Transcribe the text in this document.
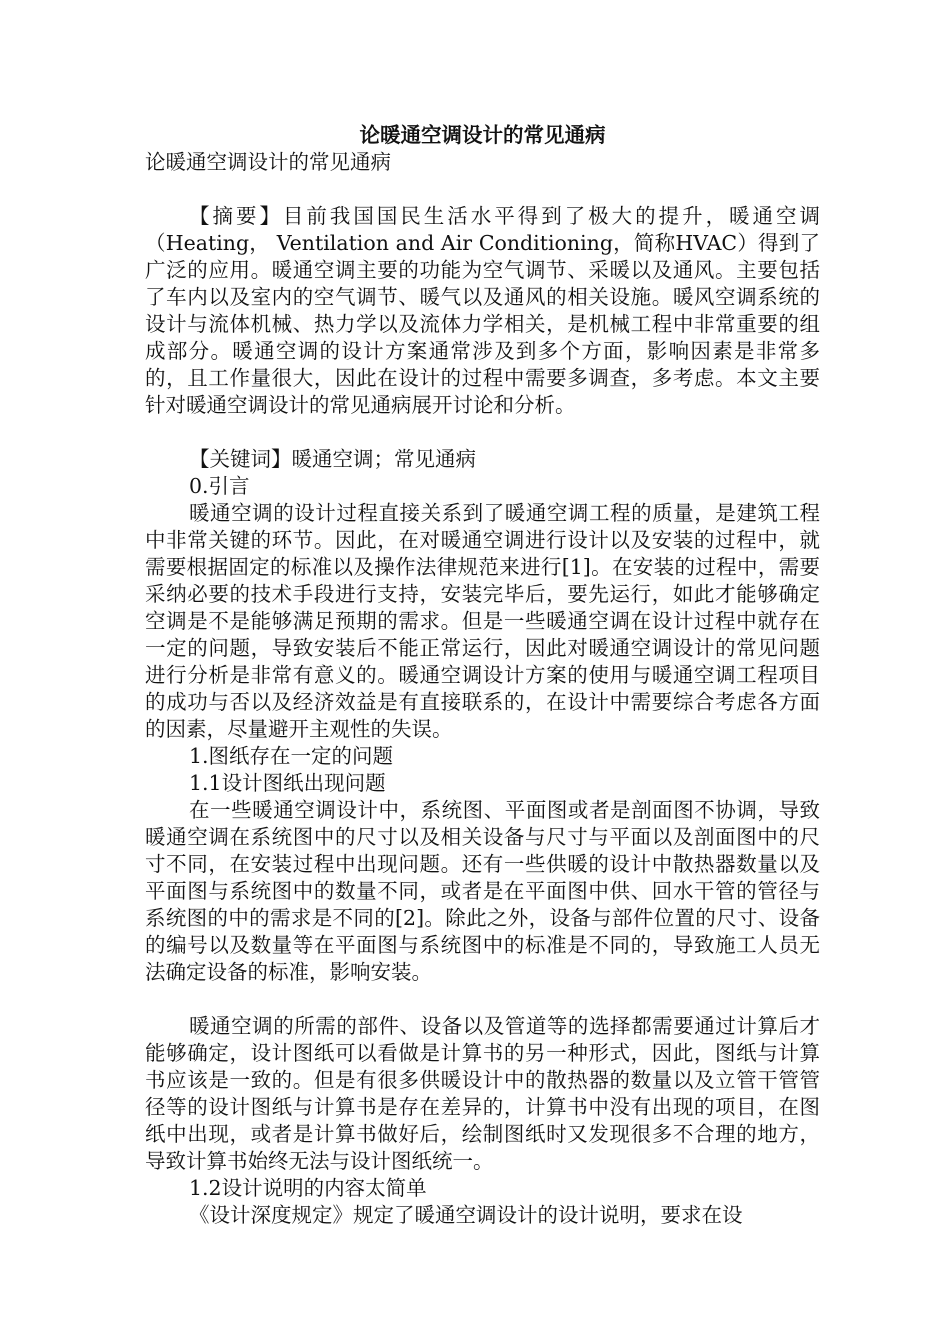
论暖通空调设计的常见通病

论暖通空调设计的常见通病

【摘要】目前我国国民生活水平得到了极大的提升，暖通空调（Heating， Ventilation and Air Conditioning，简称HVAC）得到了广泛的应用。暖通空调主要的功能为空气调节、采暖以及通风。主要包括了车内以及室内的空气调节、暖气以及通风的相关设施。暖风空调系统的设计与流体机械、热力学以及流体力学相关，是机械工程中非常重要的组成部分。暖通空调的设计方案通常涉及到多个方面，影响因素是非常多的，且工作量很大，因此在设计的过程中需要多调查，多考虑。本文主要针对暖通空调设计的常见通病展开讨论和分析。

【关键词】暖通空调；常见通病

0.引言

暖通空调的设计过程直接关系到了暖通空调工程的质量，是建筑工程中非常关键的环节。因此，在对暖通空调进行设计以及安装的过程中，就需要根据固定的标准以及操作法律规范来进行[1]。在安装的过程中，需要采纳必要的技术手段进行支持，安装完毕后，要先运行，如此才能够确定空调是不是能够满足预期的需求。但是一些暖通空调在设计过程中就存在一定的问题，导致安装后不能正常运行，因此对暖通空调设计的常见问题进行分析是非常有意义的。暖通空调设计方案的使用与暖通空调工程项目的成功与否以及经济效益是有直接联系的，在设计中需要综合考虑各方面的因素，尽量避开主观性的失误。

1.图纸存在一定的问题

1.1设计图纸出现问题

在一些暖通空调设计中，系统图、平面图或者是剖面图不协调，导致暖通空调在系统图中的尺寸以及相关设备与尺寸与平面以及剖面图中的尺寸不同，在安装过程中出现问题。还有一些供暖的设计中散热器数量以及平面图与系统图中的数量不同，或者是在平面图中供、回水干管的管径与系统图的中的需求是不同的[2]。除此之外，设备与部件位置的尺寸、设备的编号以及数量等在平面图与系统图中的标准是不同的，导致施工人员无法确定设备的标准，影响安装。

暖通空调的所需的部件、设备以及管道等的选择都需要通过计算后才能够确定，设计图纸可以看做是计算书的另一种形式，因此，图纸与计算书应该是一致的。但是有很多供暖设计中的散热器的数量以及立管干管管径等的设计图纸与计算书是存在差异的，计算书中没有出现的项目，在图纸中出现，或者是计算书做好后，绘制图纸时又发现很多不合理的地方，导致计算书始终无法与设计图纸统一。

1.2设计说明的内容太简单

《设计深度规定》规定了暖通空调设计的设计说明，要求在设
